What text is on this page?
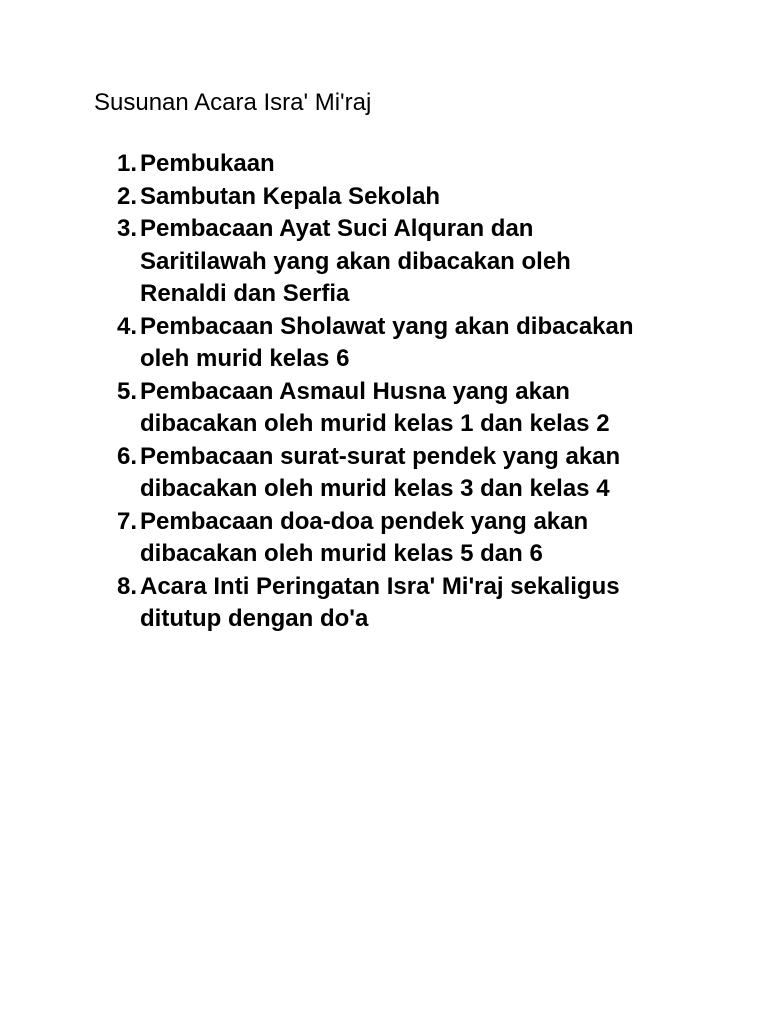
Susunan Acara Isra' Mi'raj
1. Pembukaan
2. Sambutan Kepala Sekolah
3. Pembacaan Ayat Suci Alquran dan
Saritilawah yang akan dibacakan oleh
Renaldi dan Serfia
4. Pembacaan Sholawat yang akan dibacakan
oleh murid kelas 6
5. Pembacaan Asmaul Husna yang akan
dibacakan oleh murid kelas 1 dan kelas 2
6. Pembacaan surat-surat pendek yang akan
dibacakan oleh murid kelas 3 dan kelas 4
7. Pembacaan doa-doa pendek yang akan
dibacakan oleh murid kelas 5 dan 6
8. Acara Inti Peringatan Isra' Mi'raj sekaligus
ditutup dengan do'a
